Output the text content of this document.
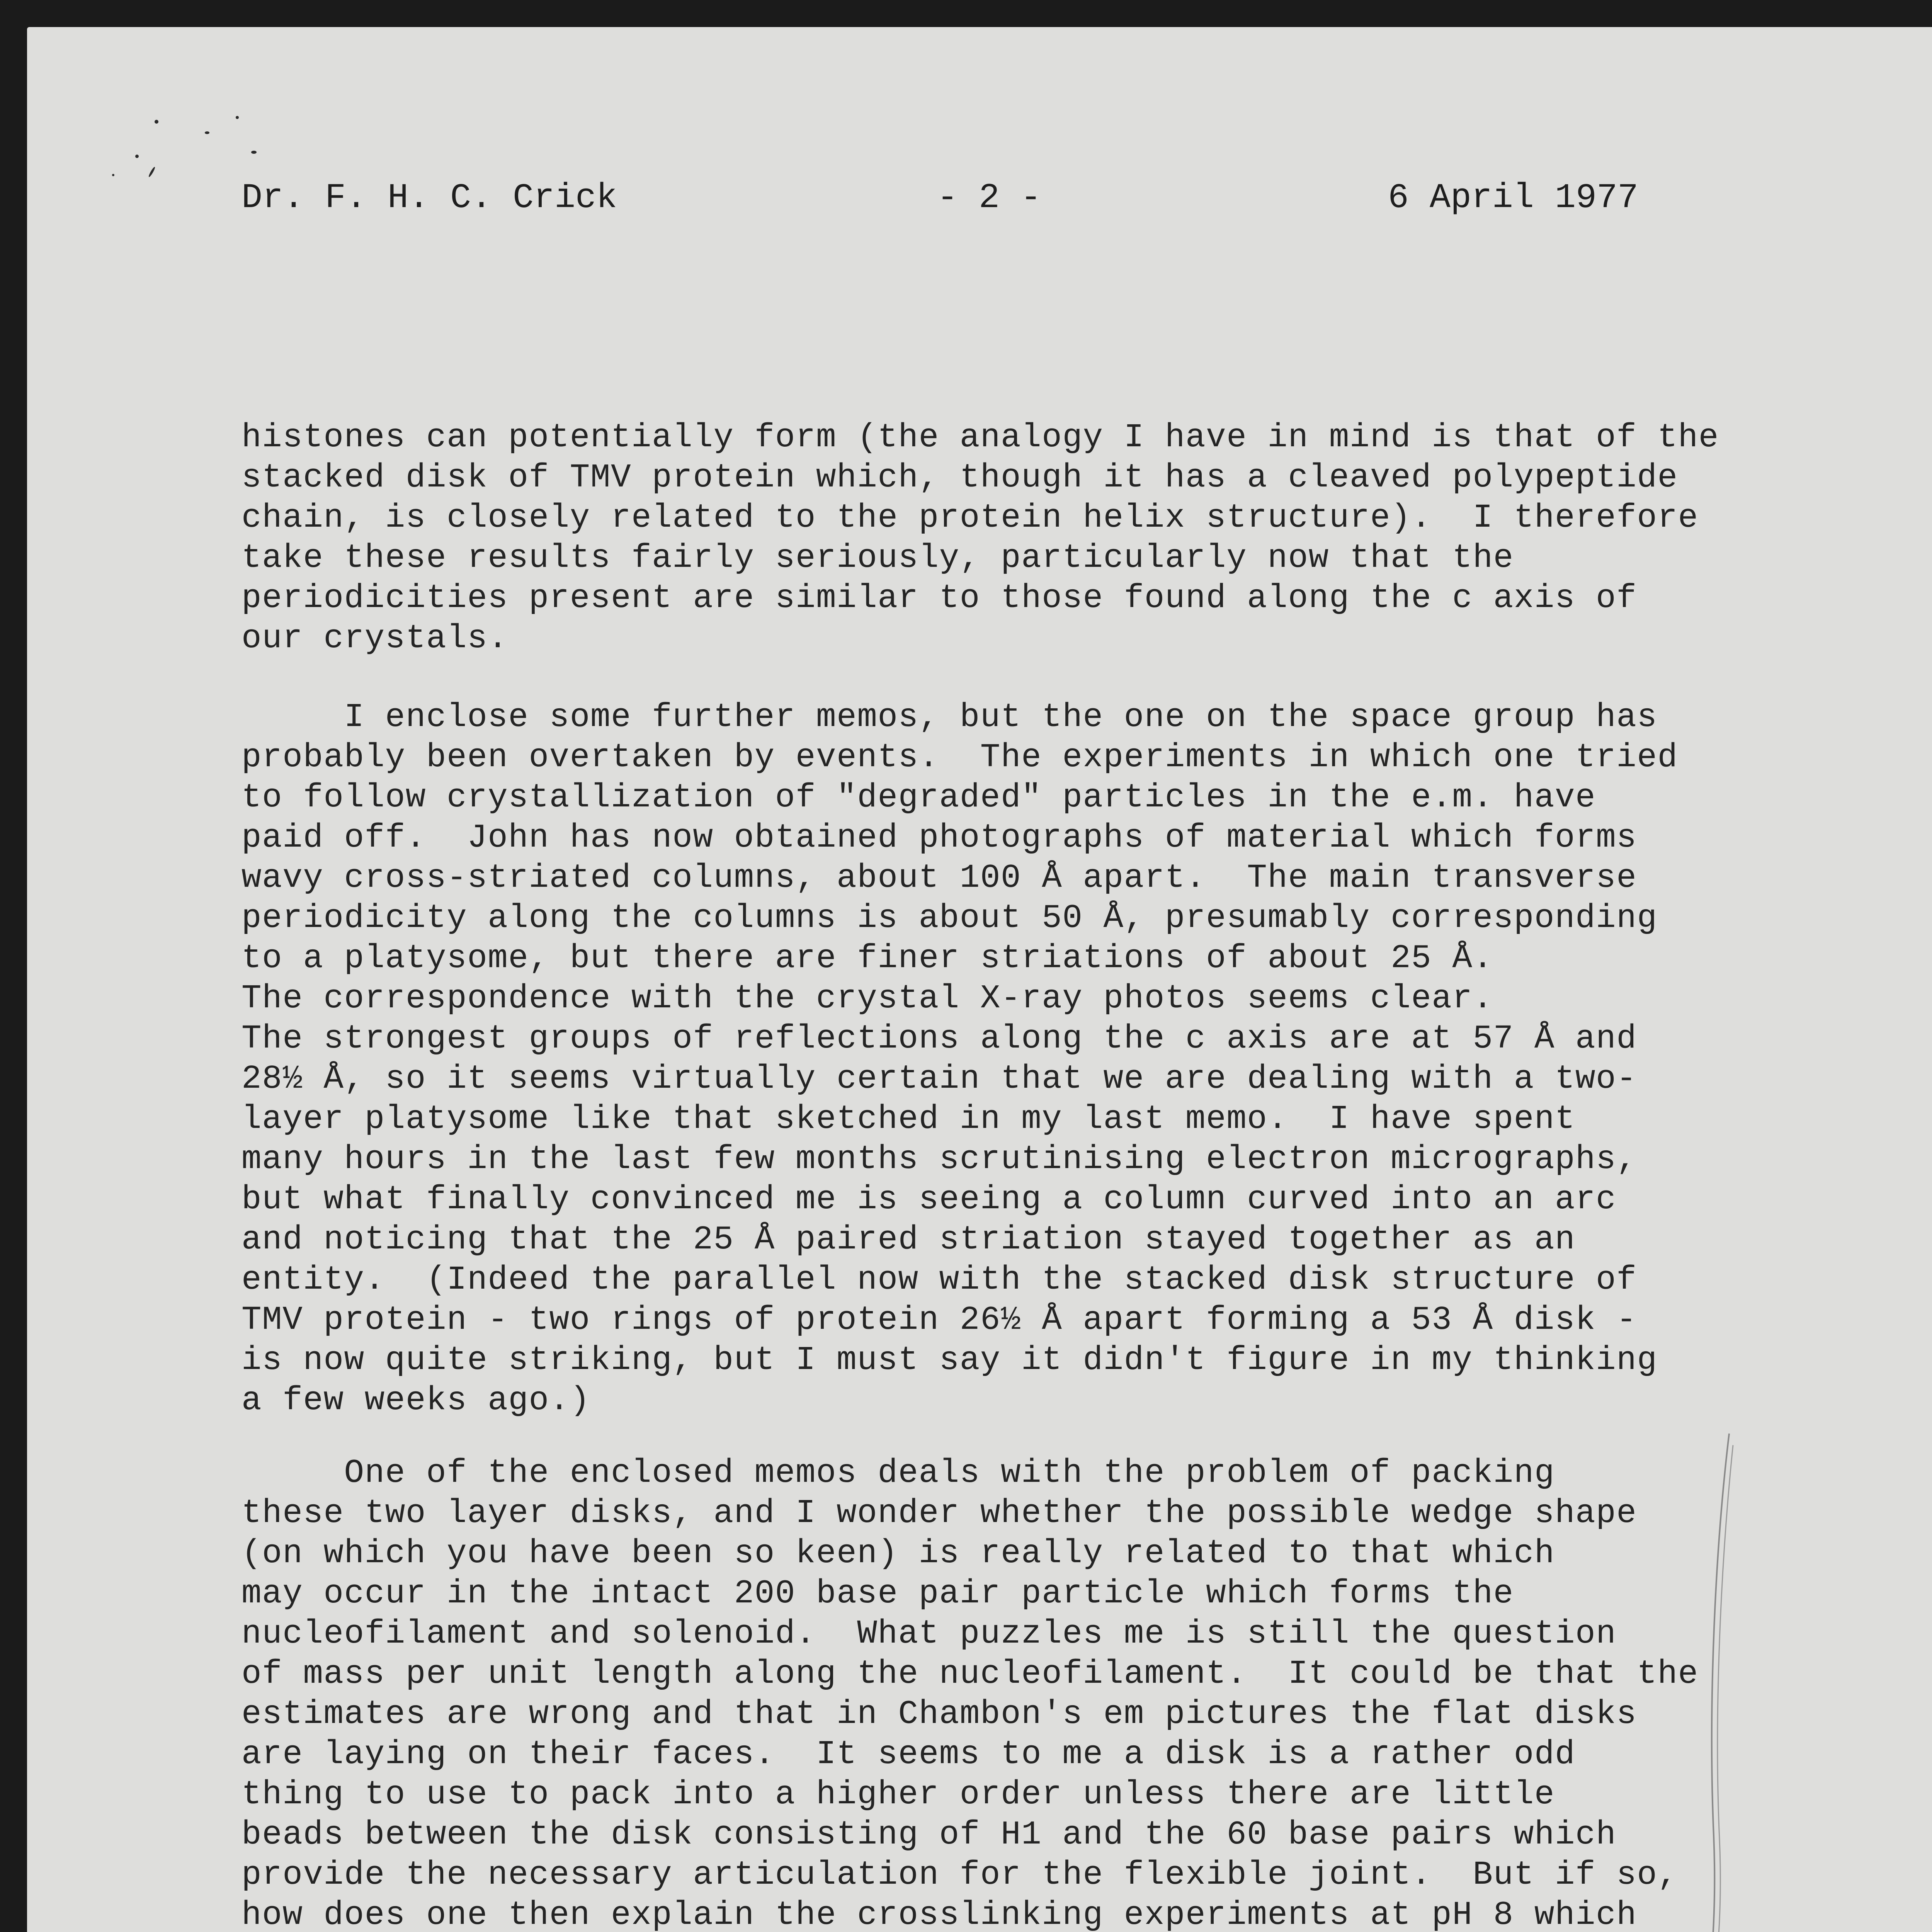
Dr. F. H. C. Crick	- 2 -	6 April 1977
histones can potentially form (the analogy I have in mind is that of the
stacked disk of TMV protein which, though it has a cleaved polypeptide
chain, is closely related to the protein helix structure).  I therefore
take these results fairly seriously, particularly now that the
periodicities present are similar to those found along the c axis of
our crystals.
I enclose some further memos, but the one on the space group has
probably been overtaken by events.  The experiments in which one tried
to follow crystallization of "degraded" particles in the e.m. have
paid off.  John has now obtained photographs of material which forms
wavy cross-striated columns, about 100 Å apart.  The main transverse
periodicity along the columns is about 50 Å, presumably corresponding
to a platysome, but there are finer striations of about 25 Å.
The correspondence with the crystal X-ray photos seems clear.
The strongest groups of reflections along the c axis are at 57 Å and
28½ Å, so it seems virtually certain that we are dealing with a two-
layer platysome like that sketched in my last memo.  I have spent
many hours in the last few months scrutinising electron micrographs,
but what finally convinced me is seeing a column curved into an arc
and noticing that the 25 Å paired striation stayed together as an
entity.  (Indeed the parallel now with the stacked disk structure of
TMV protein - two rings of protein 26½ Å apart forming a 53 Å disk -
is now quite striking, but I must say it didn't figure in my thinking
a few weeks ago.)
One of the enclosed memos deals with the problem of packing
these two layer disks, and I wonder whether the possible wedge shape
(on which you have been so keen) is really related to that which
may occur in the intact 200 base pair particle which forms the
nucleofilament and solenoid.  What puzzles me is still the question
of mass per unit length along the nucleofilament.  It could be that the
estimates are wrong and that in Chambon's em pictures the flat disks
are laying on their faces.  It seems to me a disk is a rather odd
thing to use to pack into a higher order unless there are little
beads between the disk consisting of H1 and the 60 base pairs which
provide the necessary articulation for the flexible joint.  But if so,
how does one then explain the crosslinking experiments at pH 8 which
